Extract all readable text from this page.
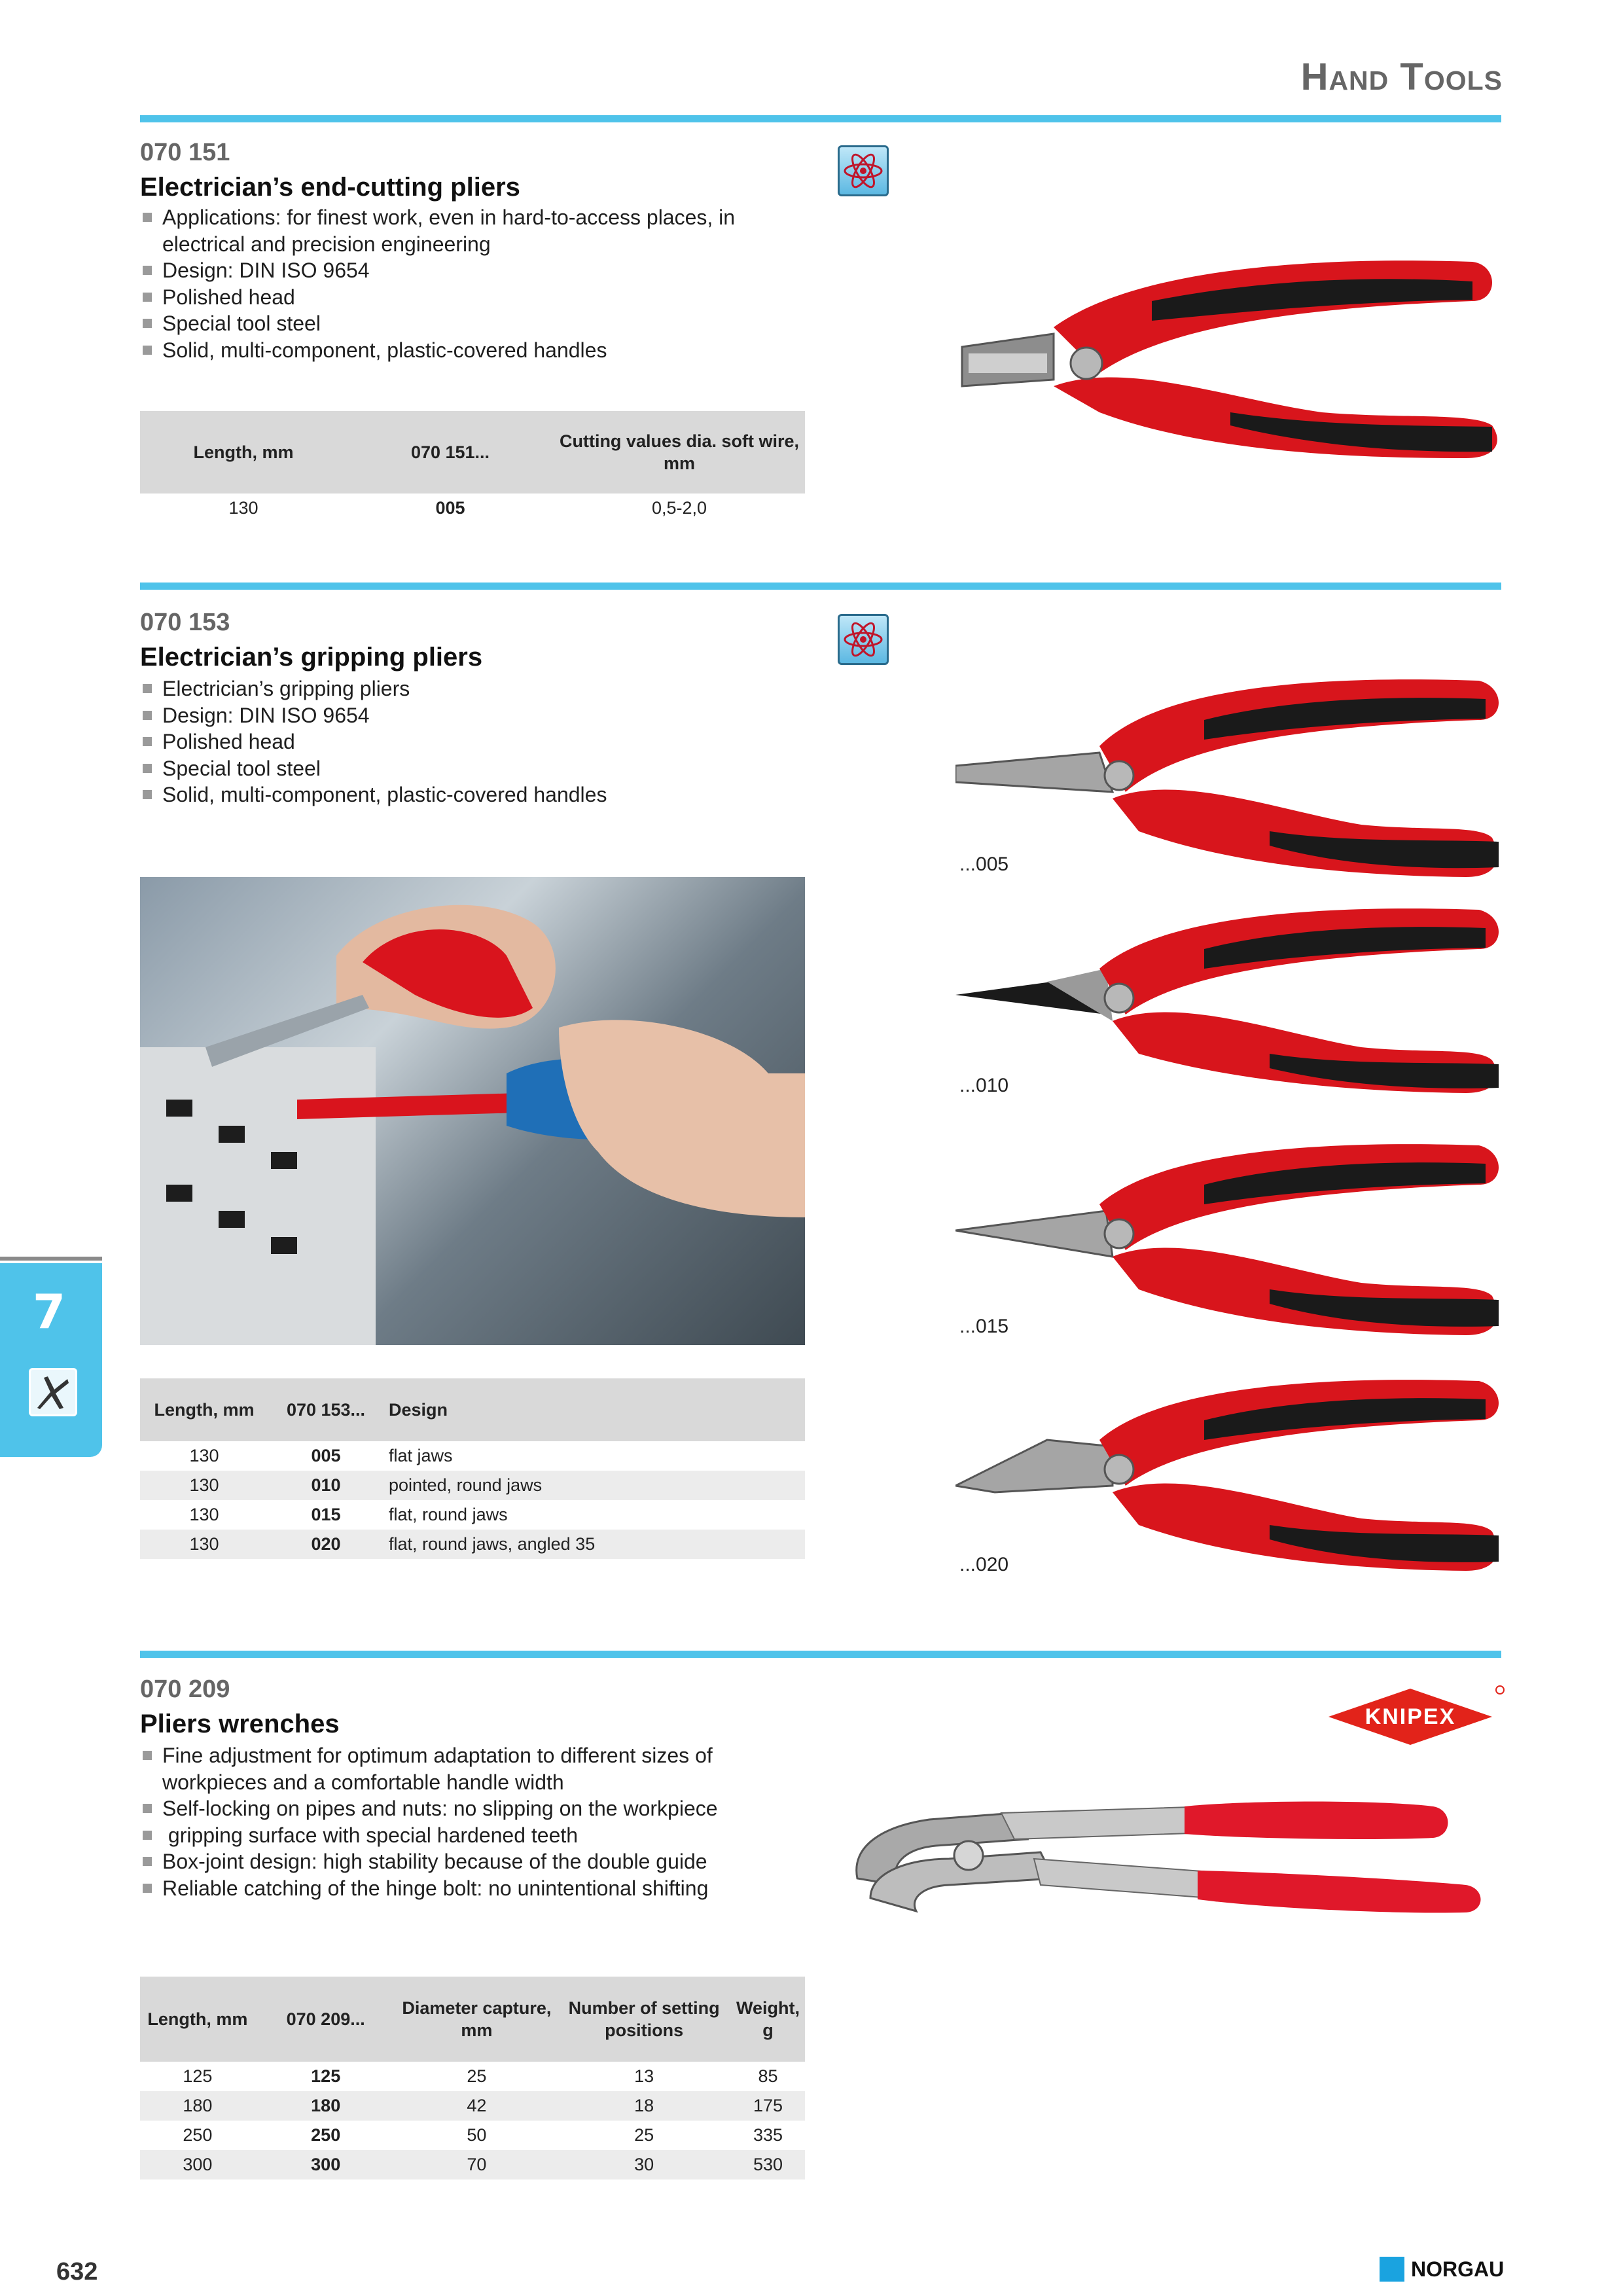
Hand Tools
070 151
Electrician’s end-cutting pliers
Applications: for finest work, even in hard-to-access places, in electrical and precision engineering
Design: DIN ISO 9654
Polished head
Special tool steel
Solid, multi-component, plastic-covered handles
Length, mm	070 151...	Cutting values dia. soft wire, mm
130	005	0,5-2,0
070 153
Electrician’s gripping pliers
Electrician’s gripping pliers
Design: DIN ISO 9654
Polished head
Special tool steel
Solid, multi-component, plastic-covered handles
...005
...010
...015
...020
Length, mm	070 153...	Design
130	005	flat jaws
130	010	pointed, round jaws
130	015	flat, round jaws
130	020	flat, round jaws, angled 35
070 209
Pliers wrenches
Fine adjustment for optimum adaptation to different sizes of workpieces and a comfortable handle width
Self-locking on pipes and nuts: no slipping on the workpiece
gripping surface with special hardened teeth
Box-joint design: high stability because of the double guide
Reliable catching of the hinge bolt: no unintentional shifting
KNIPEX
Length, mm	070 209...	Diameter capture, mm	Number of setting positions	Weight, g
125	125	25	13	85
180	180	42	18	175
250	250	50	25	335
300	300	70	30	530
7
632	NORGAU
